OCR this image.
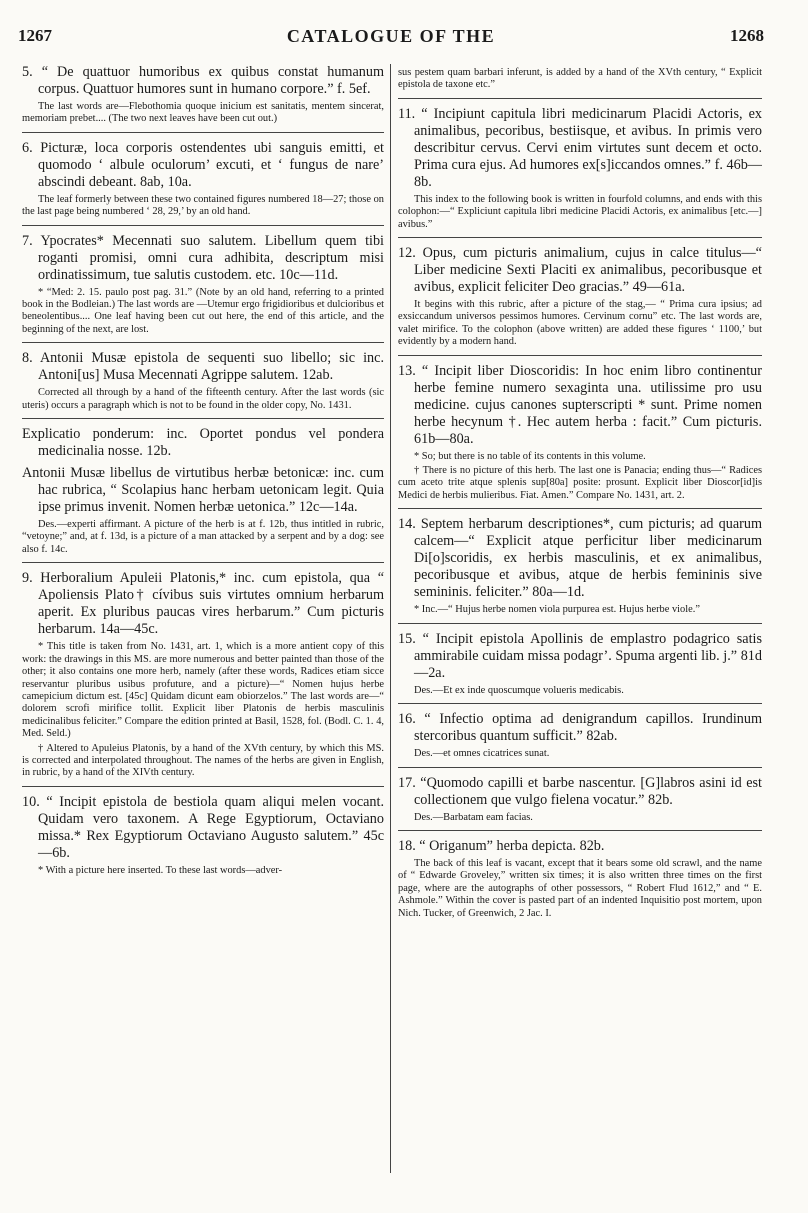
1267	CATALOGUE OF THE	1268

5. “ De quattuor humoribus ex quibus constat humanum corpus. Quattuor humores sunt in humano corpore.” f. 5ef.

The last words are—Flebothomia quoque inicium est sanitatis, mentem sincerat, memoriam prebet.... (The two next leaves have been cut out.)

6. Picturæ, loca corporis ostendentes ubi sanguis emitti, et quomodo ‘ albule oculorum’ excuti, et ‘ fungus de nare’ abscindi debeant. 8ab, 10a.

The leaf formerly between these two contained figures numbered 18—27; those on the last page being numbered ‘ 28, 29,’ by an old hand.

7. Ypocrates* Mecennati suo salutem. Libellum quem tibi roganti promisi, omni cura adhibita, descriptum misi ordinatissimum, tue salutis custodem. etc. 10c—11d.

* “Med: 2. 15. paulo post pag. 31.” (Note by an old hand, referring to a printed book in the Bodleian.) The last words are —Utemur ergo frigidioribus et dulcioribus et beneolentibus.... One leaf having been cut out here, the end of this article, and the beginning of the next, are lost.

8. Antonii Musæ epistola de sequenti suo libello; sic inc. Antoni[us] Musa Mecennati Agrippe salutem. 12ab.

Corrected all through by a hand of the fifteenth century. After the last words (sic uteris) occurs a paragraph which is not to be found in the older copy, No. 1431.

Explicatio ponderum: inc. Oportet pondus vel ponderа medicinalia nosse. 12b.

Antonii Musæ libellus de virtutibus herbæ betonicæ: inc. cum hac rubrica, “ Scolapius hanc herbam uetonicam legit. Quia ipse primus invenit. Nomen herbæ uetonica.” 12c—14a.

Des.—experti affirmant. A picture of the herb is at f. 12b, thus intitled in rubric, “vetoyne;” and, at f. 13d, is a picture of a man attacked by a serpent and by a dog: see also f. 14c.

9. Herboralium Apuleii Platonis,* inc. cum epistola, qua “ Apoliensis Plato† cívibus suis virtutes omnium herbarum aperit. Ex pluribus paucas vires herbarum.” Cum picturis herbarum. 14a—45c.

* This title is taken from No. 1431, art. 1, which is a more antient copy of this work: the drawings in this MS. are more numerous and better painted than those of the other; it also contains one more herb, namely (after these words, Radices etiam sicce reservantur pluribus usibus profuture, and a picture)—“ Nomen hujus herbe camepicium dictum est. [45c] Quidam dicunt eam obiorzelos.” The last words are—“ dolorem scrofi mirifice tollit. Explicit liber Platonis de herbis masculinis medicinalibus feliciter.” Compare the edition printed at Basil, 1528, fol. (Bodl. C. 1. 4, Med. Seld.)

† Altered to Apuleius Platonis, by a hand of the XVth century, by which this MS. is corrected and interpolated throughout. The names of the herbs are given in English, in rubric, by a hand of the XIVth century.

10. “ Incipit epistola de bestiola quam aliqui melen vocant. Quidam vero taxonem. A Rege Egyptiorum, Octaviano missa.* Rex Egyptiorum Octaviano Augusto salutem.” 45c—6b.

* With a picture here inserted. To these last words—adver-

sus pestem quam barbari inferunt, is added by a hand of the XVth century, “ Explicit epistola de taxone etc.”

11. “ Incipiunt capitula libri medicinarum Placidi Actoris, ex animalibus, pecoribus, bestiisque, et avibus. In primis vero describitur cervus. Cervi enim virtutes sunt decem et octo. Prima cura ejus. Ad humores ex[s]iccandos omnes.” f. 46b—8b.

This index to the following book is written in fourfold columns, and ends with this colophon:—“ Expliciunt capitula libri medicine Placidi Actoris, ex animalibus [etc.—] avibus.”

12. Opus, cum picturis animalium, cujus in calce titulus—“ Liber medicine Sexti Placiti ex animalibus, pecoribusque et avibus, explicit feliciter Deo gracias.” 49—61a.

It begins with this rubric, after a picture of the stag,— “ Prima cura ipsius; ad exsiccandum universos pessimos humores. Cervinum cornu” etc. The last words are, valet mirifice. To the colophon (above written) are added these figures ‘ 1100,’ but evidently by a modern hand.

13. “ Incipit liber Dioscoridis: In hoc enim libro continentur herbe femine numero sexaginta una. utilissime pro usu medicine. cujus canones supterscripti * sunt. Prime nomen herbe hecynum †. Hec autem herba : facit.” Cum picturis. 61b—80a.

* So; but there is no table of its contents in this volume.

† There is no picture of this herb. The last one is Panacia; ending thus—“ Radices cum aceto trite atque splenis sup[80a] posite: prosunt. Explicit liber Dioscor[id]is Medici de herbis mulieribus. Fiat. Amen.” Compare No. 1431, art. 2.

14. Septem herbarum descriptiones*, cum picturis; ad quarum calcem—“ Explicit atque perficitur liber medicinarum Di[o]scoridis, ex herbis masculinis, et ex animalibus, pecoribusque et avibus, atque de herbis femininis sive semininis. feliciter.” 80a—1d.

* Inc.—“ Hujus herbe nomen viola purpurea est. Hujus herbe viole.”

15. “ Incipit epistola Apollinis de emplastro podagrico satis ammirabile cuidam missa podagr’. Spuma argenti lib. j.” 81d—2a.

Des.—Et ex inde quoscumque volueris medicabis.

16. “ Infectio optima ad denigrandum capillos. Irundinum stercoribus quantum sufficit.” 82ab.

Des.—et omnes cicatrices sunat.

17. “Quomodo capilli et barbe nascentur. [G]labros asini id est collectionem que vulgo fielena vocatur.” 82b.

Des.—Barbatam eam facias.

18. “ Origanum” herba depicta. 82b.

The back of this leaf is vacant, except that it bears some old scrawl, and the name of “ Edwarde Groveley,” written six times; it is also written three times on the first page, where are the autographs of other possessors, “ Robert Flud 1612,” and “ E. Ashmole.” Within the cover is pasted part of an indented Inquisitio post mortem, upon Nich. Tucker, of Greenwich, 2 Jac. I.
